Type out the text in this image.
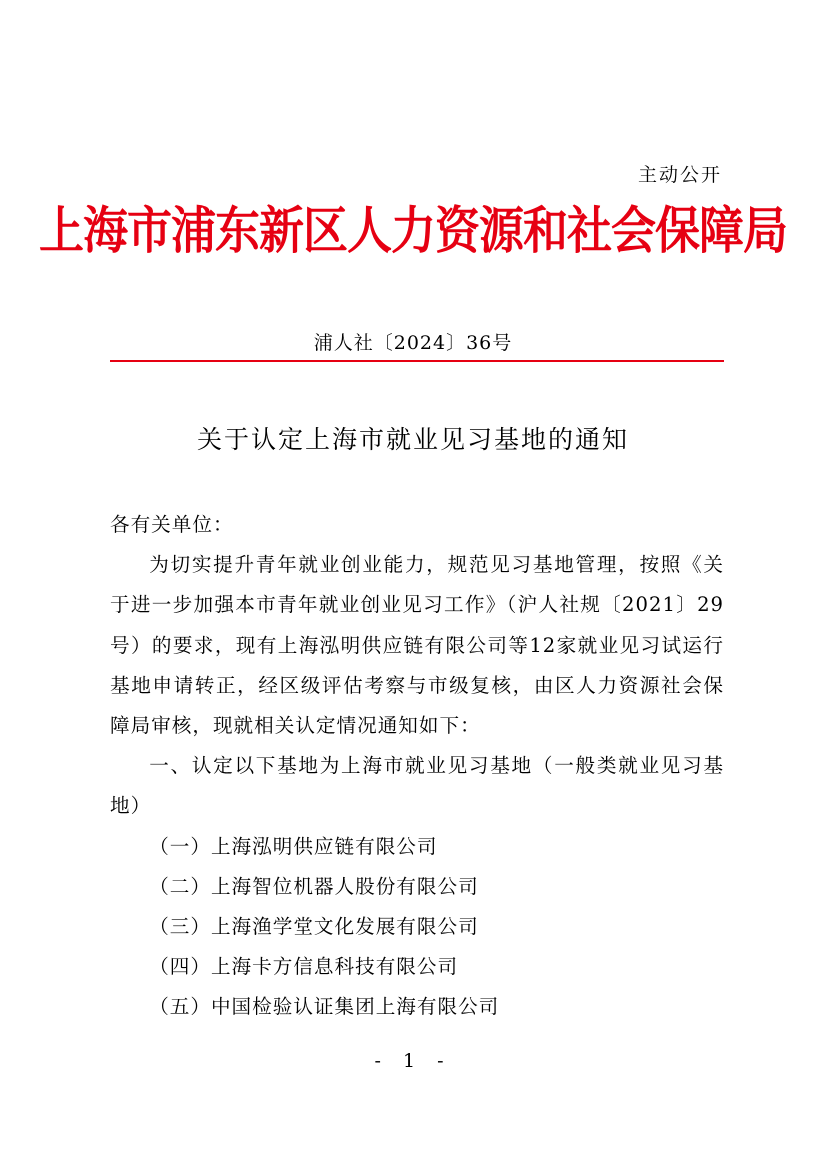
主动公开
上海市浦东新区人力资源和社会保障局
浦人社〔2024〕36号
关于认定上海市就业见习基地的通知

各有关单位：

为切实提升青年就业创业能力，规范见习基地管理，按照《关于进一步加强本市青年就业创业见习工作》（沪人社规〔2021〕29号）的要求，现有上海泓明供应链有限公司等12家就业见习试运行基地申请转正，经区级评估考察与市级复核，由区人力资源社会保障局审核，现就相关认定情况通知如下：

一、认定以下基地为上海市就业见习基地（一般类就业见习基地）

（一）上海泓明供应链有限公司

（二）上海智位机器人股份有限公司

（三）上海渔学堂文化发展有限公司

（四）上海卡方信息科技有限公司

（五）中国检验认证集团上海有限公司

- 1 -
